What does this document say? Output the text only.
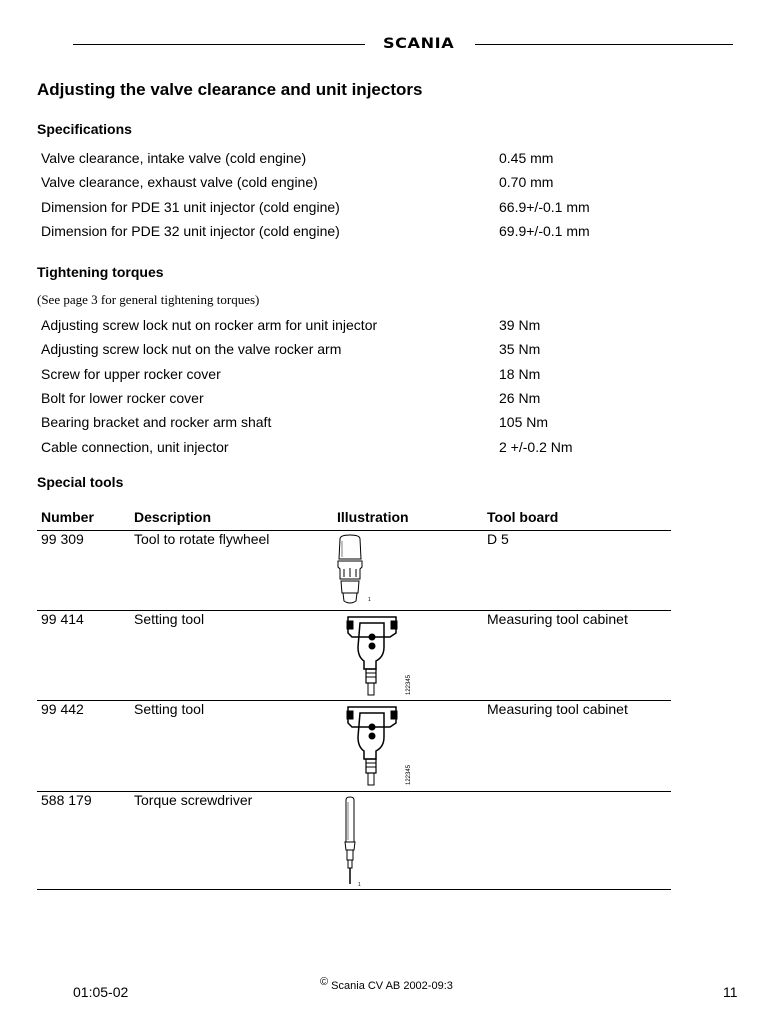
SCANIA
Adjusting the valve clearance and unit injectors
Specifications
Valve clearance, intake valve (cold engine)	0.45 mm
Valve clearance, exhaust valve (cold engine)	0.70 mm
Dimension for PDE 31 unit injector (cold engine)	66.9+/-0.1 mm
Dimension for PDE 32 unit injector (cold engine)	69.9+/-0.1 mm
Tightening torques
(See page 3 for general tightening torques)
Adjusting screw lock nut on rocker arm for unit injector	39 Nm
Adjusting screw lock nut on the valve rocker arm	35 Nm
Screw for upper rocker cover	18 Nm
Bolt for lower rocker cover	26 Nm
Bearing bracket and rocker arm shaft	105 Nm
Cable connection, unit injector	2 +/-0.2 Nm
Special tools
Number	Description	Illustration	Tool board
99 309	Tool to rotate flywheel	D 5
1
99 414	Setting tool	Measuring tool cabinet
122345
99 442	Setting tool	Measuring tool cabinet
122345
588 179	Torque screwdriver
1
01:05-02
© Scania CV AB 2002-09:3	11
